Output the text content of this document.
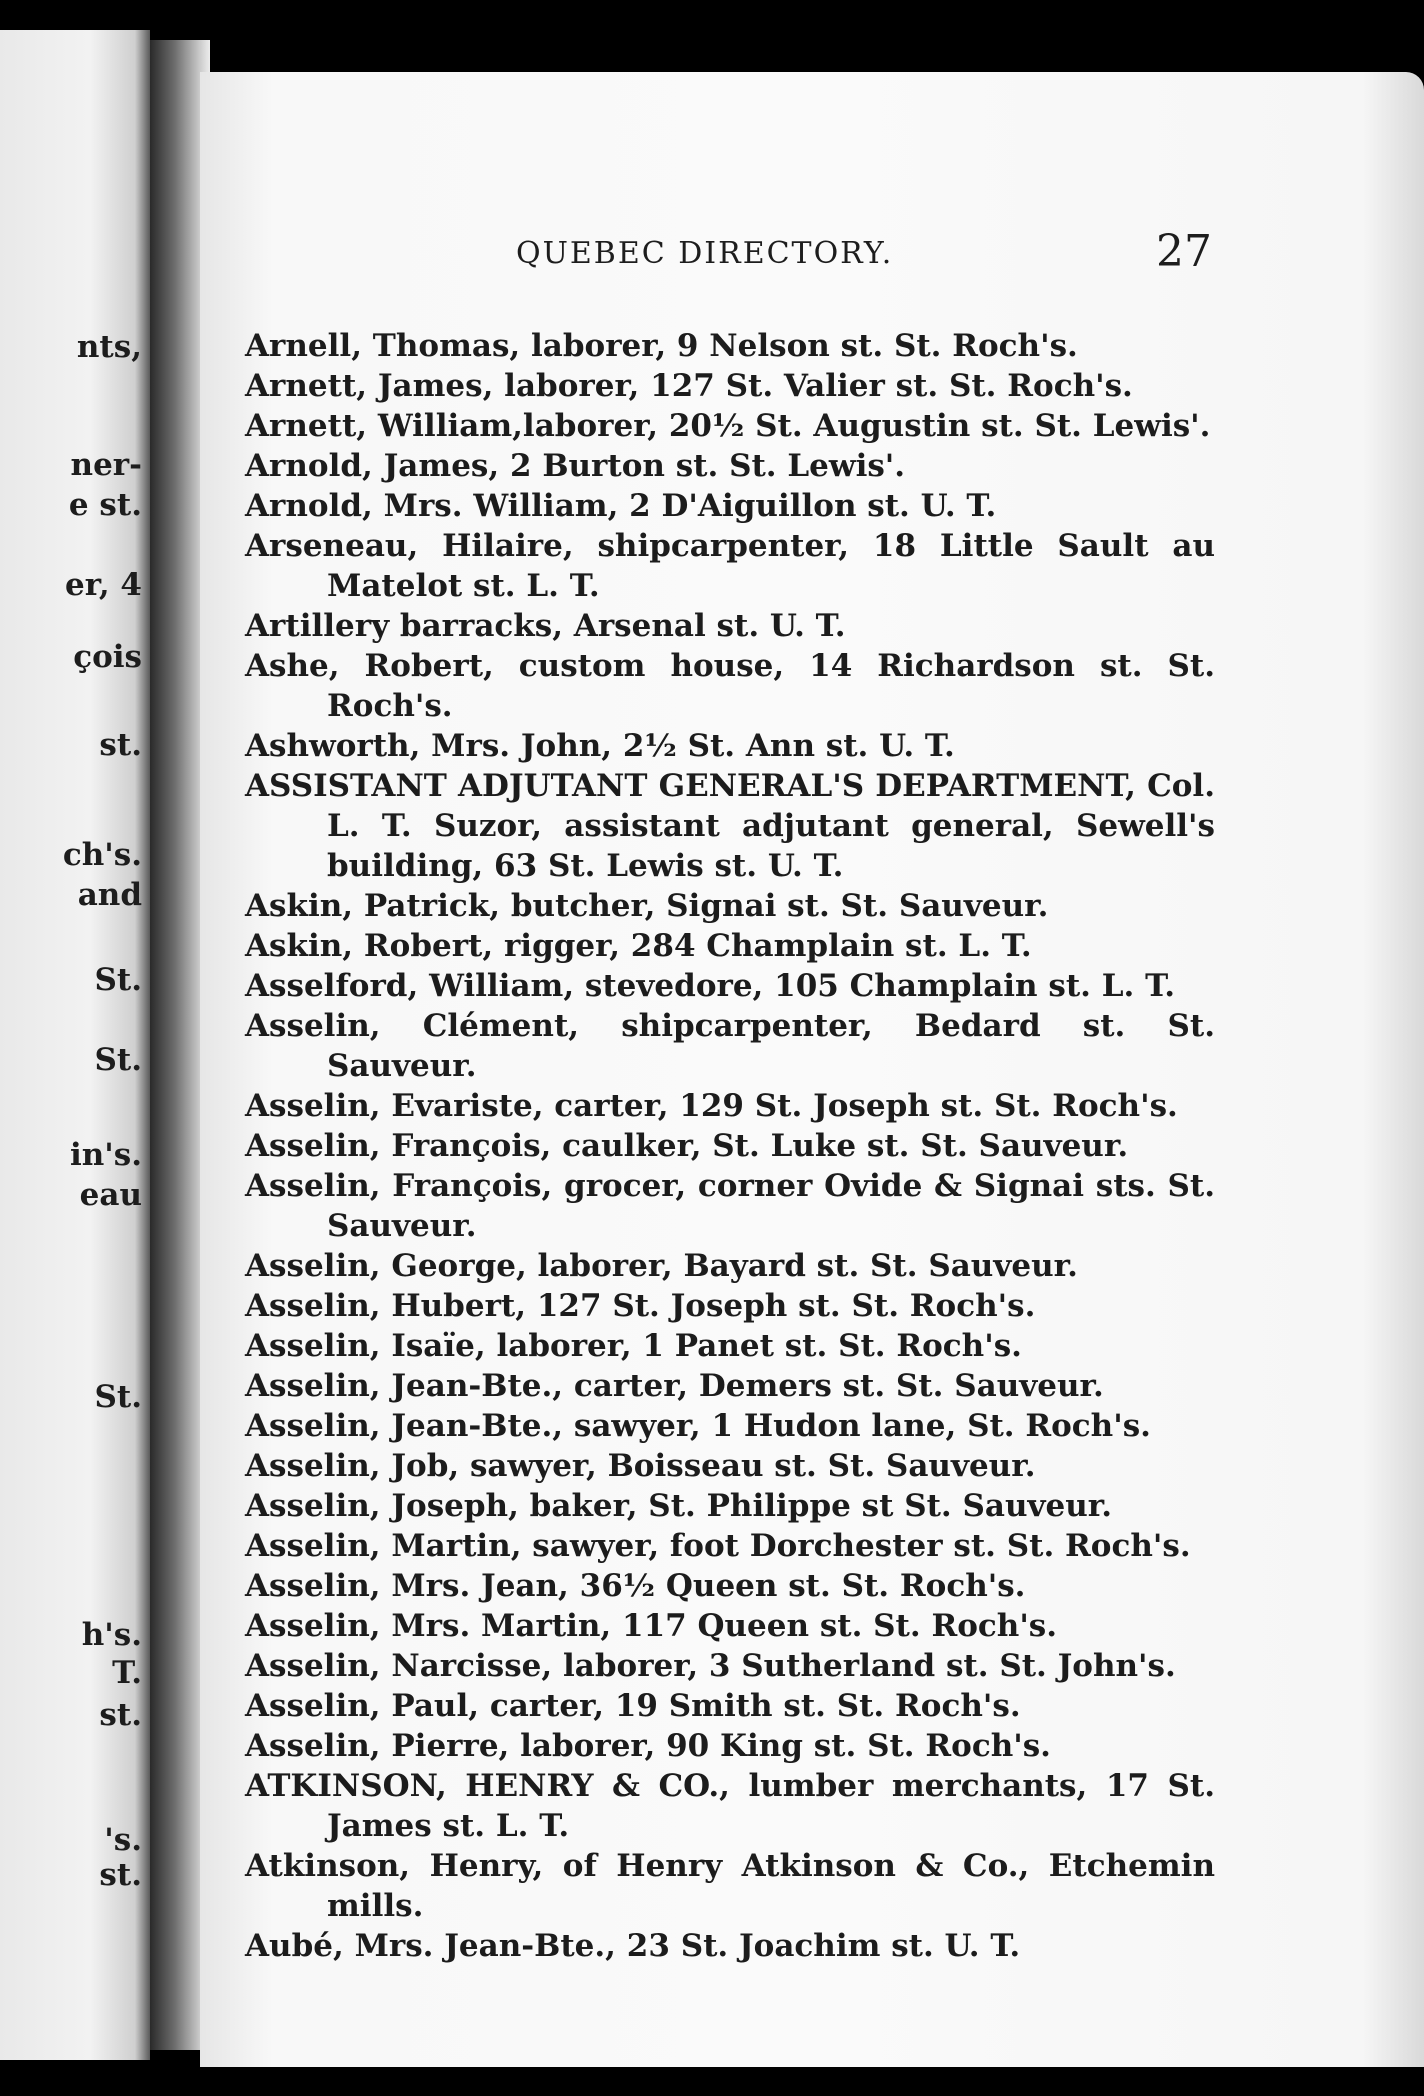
nts,
ner-
e st.
er, 4
çois
st.
ch's.
and
St.
St.
in's.
eau
St.
h's.
T.
st.
's.
st.
QUEBEC DIRECTORY.	27
Arnell, Thomas, laborer, 9 Nelson st. St. Roch's.
Arnett, James, laborer, 127 St. Valier st. St. Roch's.
Arnett, William,laborer, 20½ St. Augustin st. St. Lewis'.
Arnold, James, 2 Burton st. St. Lewis'.
Arnold, Mrs. William, 2 D'Aiguillon st. U. T.
Arseneau, Hilaire, shipcarpenter, 18 Little Sault au Matelot st. L. T.
Artillery barracks, Arsenal st. U. T.
Ashe, Robert, custom house, 14 Richardson st. St. Roch's.
Ashworth, Mrs. John, 2½ St. Ann st. U. T.
ASSISTANT ADJUTANT GENERAL'S DEPARTMENT, Col. L. T. Suzor, assistant adjutant general, Sewell's building, 63 St. Lewis st. U. T.
Askin, Patrick, butcher, Signai st. St. Sauveur.
Askin, Robert, rigger, 284 Champlain st. L. T.
Asselford, William, stevedore, 105 Champlain st. L. T.
Asselin, Clément, shipcarpenter, Bedard st. St. Sauveur.
Asselin, Evariste, carter, 129 St. Joseph st. St. Roch's.
Asselin, François, caulker, St. Luke st. St. Sauveur.
Asselin, François, grocer, corner Ovide & Signai sts. St. Sauveur.
Asselin, George, laborer, Bayard st. St. Sauveur.
Asselin, Hubert, 127 St. Joseph st. St. Roch's.
Asselin, Isaïe, laborer, 1 Panet st. St. Roch's.
Asselin, Jean-Bte., carter, Demers st. St. Sauveur.
Asselin, Jean-Bte., sawyer, 1 Hudon lane, St. Roch's.
Asselin, Job, sawyer, Boisseau st. St. Sauveur.
Asselin, Joseph, baker, St. Philippe st St. Sauveur.
Asselin, Martin, sawyer, foot Dorchester st. St. Roch's.
Asselin, Mrs. Jean, 36½ Queen st. St. Roch's.
Asselin, Mrs. Martin, 117 Queen st. St. Roch's.
Asselin, Narcisse, laborer, 3 Sutherland st. St. John's.
Asselin, Paul, carter, 19 Smith st. St. Roch's.
Asselin, Pierre, laborer, 90 King st. St. Roch's.
ATKINSON, HENRY & CO., lumber merchants, 17 St. James st. L. T.
Atkinson, Henry, of Henry Atkinson & Co., Etchemin mills.
Aubé, Mrs. Jean-Bte., 23 St. Joachim st. U. T.
